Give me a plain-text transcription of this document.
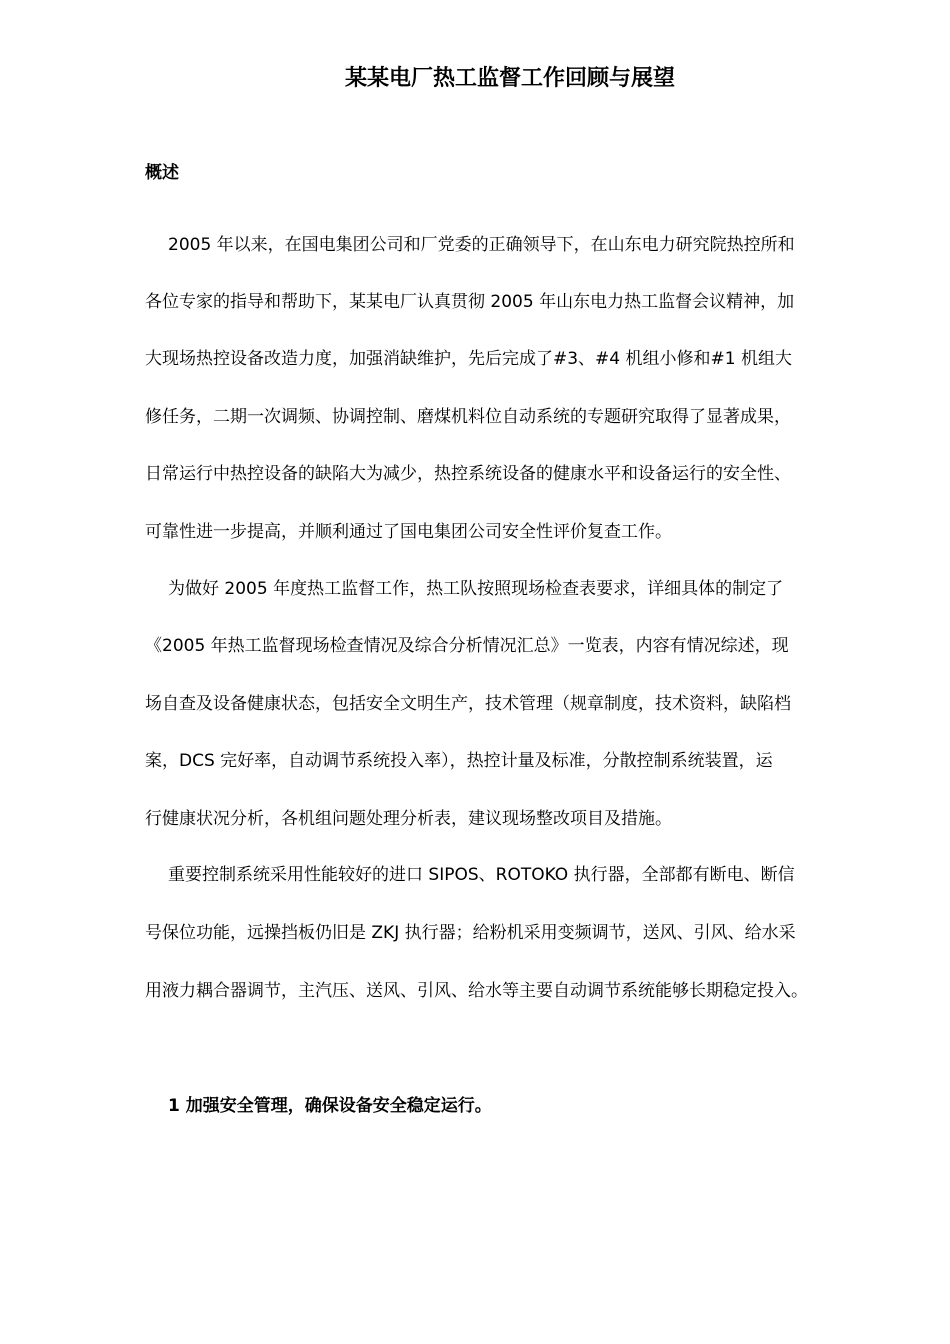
某某电厂热工监督工作回顾与展望
概述
2005 年以来，在国电集团公司和厂党委的正确领导下，在山东电力研究院热控所和
各位专家的指导和帮助下，某某电厂认真贯彻 2005 年山东电力热工监督会议精神，加
大现场热控设备改造力度，加强消缺维护，先后完成了#3、#4 机组小修和#1 机组大
修任务，二期一次调频、协调控制、磨煤机料位自动系统的专题研究取得了显著成果，
日常运行中热控设备的缺陷大为减少，热控系统设备的健康水平和设备运行的安全性、
可靠性进一步提高，并顺利通过了国电集团公司安全性评价复查工作。
为做好 2005 年度热工监督工作，热工队按照现场检查表要求，详细具体的制定了
《2005 年热工监督现场检查情况及综合分析情况汇总》一览表，内容有情况综述，现
场自查及设备健康状态，包括安全文明生产，技术管理（规章制度，技术资料，缺陷档
案，DCS 完好率，自动调节系统投入率），热控计量及标准，分散控制系统装置，运
行健康状况分析，各机组问题处理分析表，建议现场整改项目及措施。
重要控制系统采用性能较好的进口 SIPOS、ROTOKO 执行器，全部都有断电、断信
号保位功能，远操挡板仍旧是 ZKJ 执行器；给粉机采用变频调节，送风、引风、给水采
用液力耦合器调节，主汽压、送风、引风、给水等主要自动调节系统能够长期稳定投入。
1 加强安全管理，确保设备安全稳定运行。
